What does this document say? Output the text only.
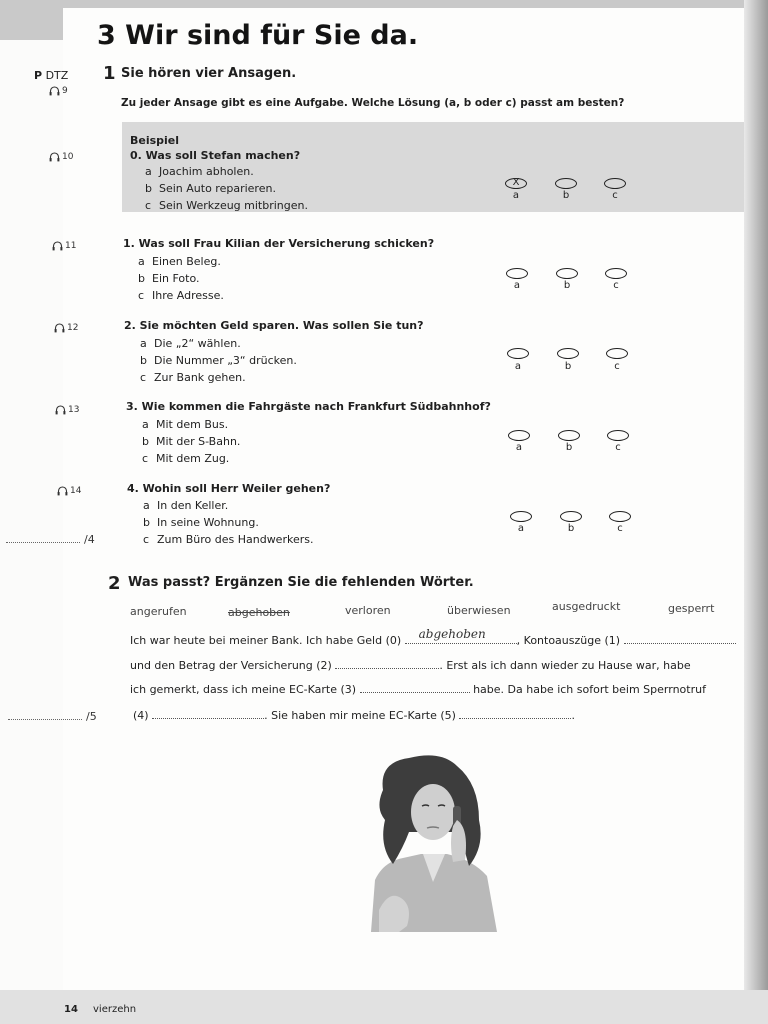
3 Wir sind für Sie da.
P DTZ 1 Sie hören vier Ansagen.
9
Zu jeder Ansage gibt es eine Aufgabe. Welche Lösung (a, b oder c) passt am besten?
Beispiel
10	0. Was soll Stefan machen?
a Joachim abholen.
b Sein Auto reparieren.
c Sein Werkzeug mitbringen.
X
a	b	c
11	1. Was soll Frau Kilian der Versicherung schicken?
a Einen Beleg.
b Ein Foto.
c Ihre Adresse.
a	b	c
12	2. Sie möchten Geld sparen. Was sollen Sie tun?
a Die „2“ wählen.
b Die Nummer „3“ drücken.
c Zur Bank gehen.
a	b	c
13	3. Wie kommen die Fahrgäste nach Frankfurt Südbahnhof?
a Mit dem Bus.
b Mit der S-Bahn.
c Mit dem Zug.
a	b	c
14	4. Wohin soll Herr Weiler gehen?
a In den Keller.
b In seine Wohnung.
c Zum Büro des Handwerkers.
a	b	c
/4
2 Was passt? Ergänzen Sie die fehlenden Wörter.
angerufen	abgehoben	verloren	überwiesen	ausgedruckt	gesperrt
Ich war heute bei meiner Bank. Ich habe Geld (0) abgehoben	, Kontoauszüge (1)
und den Betrag der Versicherung (2)	. Erst als ich dann wieder zu Hause war, habe
ich gemerkt, dass ich meine EC-Karte (3)	habe. Da habe ich sofort beim Sperrnotruf
(4)	. Sie haben mir meine EC-Karte (5)	.
/5
14 vierzehn
